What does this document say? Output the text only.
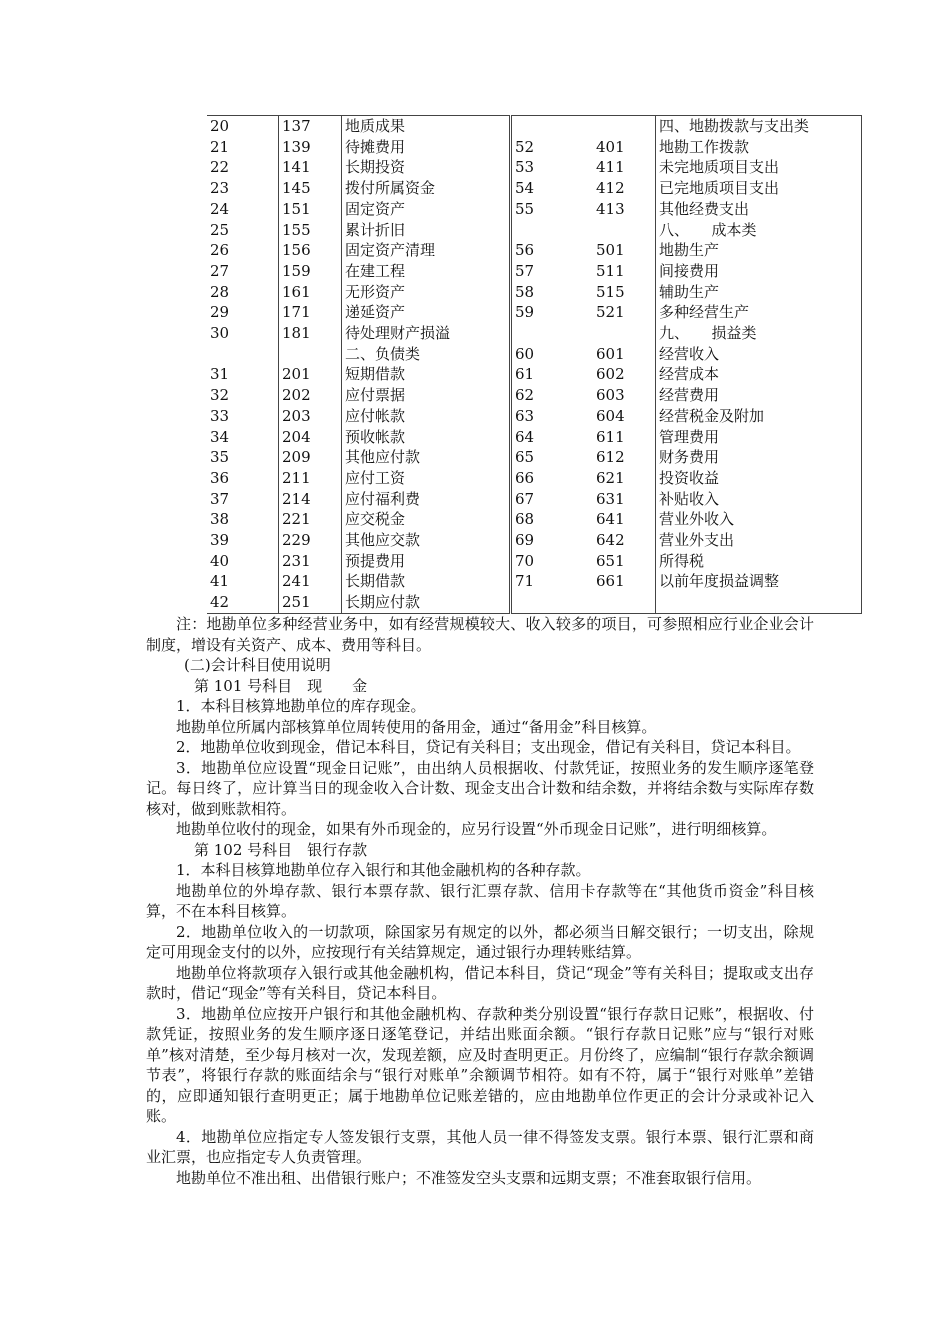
20	137	地质成果			四、地勘拨款与支出类
21	139	待摊费用	52	401	地勘工作拨款
22	141	长期投资	53	411	未完地质项目支出
23	145	拨付所属资金	54	412	已完地质项目支出
24	151	固定资产	55	413	其他经费支出
25	155	累计折旧			八、　　成本类
26	156	固定资产清理	56	501	地勘生产
27	159	在建工程	57	511	间接费用
28	161	无形资产	58	515	辅助生产
29	171	递延资产	59	521	多种经营生产
30	181	待处理财产损溢			九、　　损益类
		二、负债类	60	601	经营收入
31	201	短期借款	61	602	经营成本
32	202	应付票据	62	603	经营费用
33	203	应付帐款	63	604	经营税金及附加
34	204	预收帐款	64	611	管理费用
35	209	其他应付款	65	612	财务费用
36	211	应付工资	66	621	投资收益
37	214	应付福利费	67	631	补贴收入
38	221	应交税金	68	641	营业外收入
39	229	其他应交款	69	642	营业外支出
40	231	预提费用	70	651	所得税
41	241	长期借款	71	661	以前年度损益调整
42	251	长期应付款			

注：地勘单位多种经营业务中，如有经营规模较大、收入较多的项目，可参照相应行业企业会计制度，增设有关资产、成本、费用等科目。

(二)会计科目使用说明

第 101 号科目　现　　金

1．本科目核算地勘单位的库存现金。

地勘单位所属内部核算单位周转使用的备用金，通过“备用金”科目核算。

2．地勘单位收到现金，借记本科目，贷记有关科目；支出现金，借记有关科目，贷记本科目。

3．地勘单位应设置“现金日记账”，由出纳人员根据收、付款凭证，按照业务的发生顺序逐笔登记。每日终了，应计算当日的现金收入合计数、现金支出合计数和结余数，并将结余数与实际库存数核对，做到账款相符。

地勘单位收付的现金，如果有外币现金的，应另行设置“外币现金日记账”，进行明细核算。

第 102 号科目　银行存款

1．本科目核算地勘单位存入银行和其他金融机构的各种存款。

地勘单位的外埠存款、银行本票存款、银行汇票存款、信用卡存款等在“其他货币资金”科目核算，不在本科目核算。

2．地勘单位收入的一切款项，除国家另有规定的以外，都必须当日解交银行；一切支出，除规定可用现金支付的以外，应按现行有关结算规定，通过银行办理转账结算。

地勘单位将款项存入银行或其他金融机构，借记本科目，贷记“现金”等有关科目；提取或支出存款时，借记“现金”等有关科目，贷记本科目。

3．地勘单位应按开户银行和其他金融机构、存款种类分别设置“银行存款日记账”，根据收、付款凭证，按照业务的发生顺序逐日逐笔登记，并结出账面余额。“银行存款日记账”应与“银行对账单”核对清楚，至少每月核对一次，发现差额，应及时查明更正。月份终了，应编制“银行存款余额调节表”，将银行存款的账面结余与“银行对账单”余额调节相符。如有不符，属于“银行对账单”差错的，应即通知银行查明更正；属于地勘单位记账差错的，应由地勘单位作更正的会计分录或补记入账。

4．地勘单位应指定专人签发银行支票，其他人员一律不得签发支票。银行本票、银行汇票和商业汇票，也应指定专人负责管理。

地勘单位不准出租、出借银行账户；不准签发空头支票和远期支票；不准套取银行信用。
